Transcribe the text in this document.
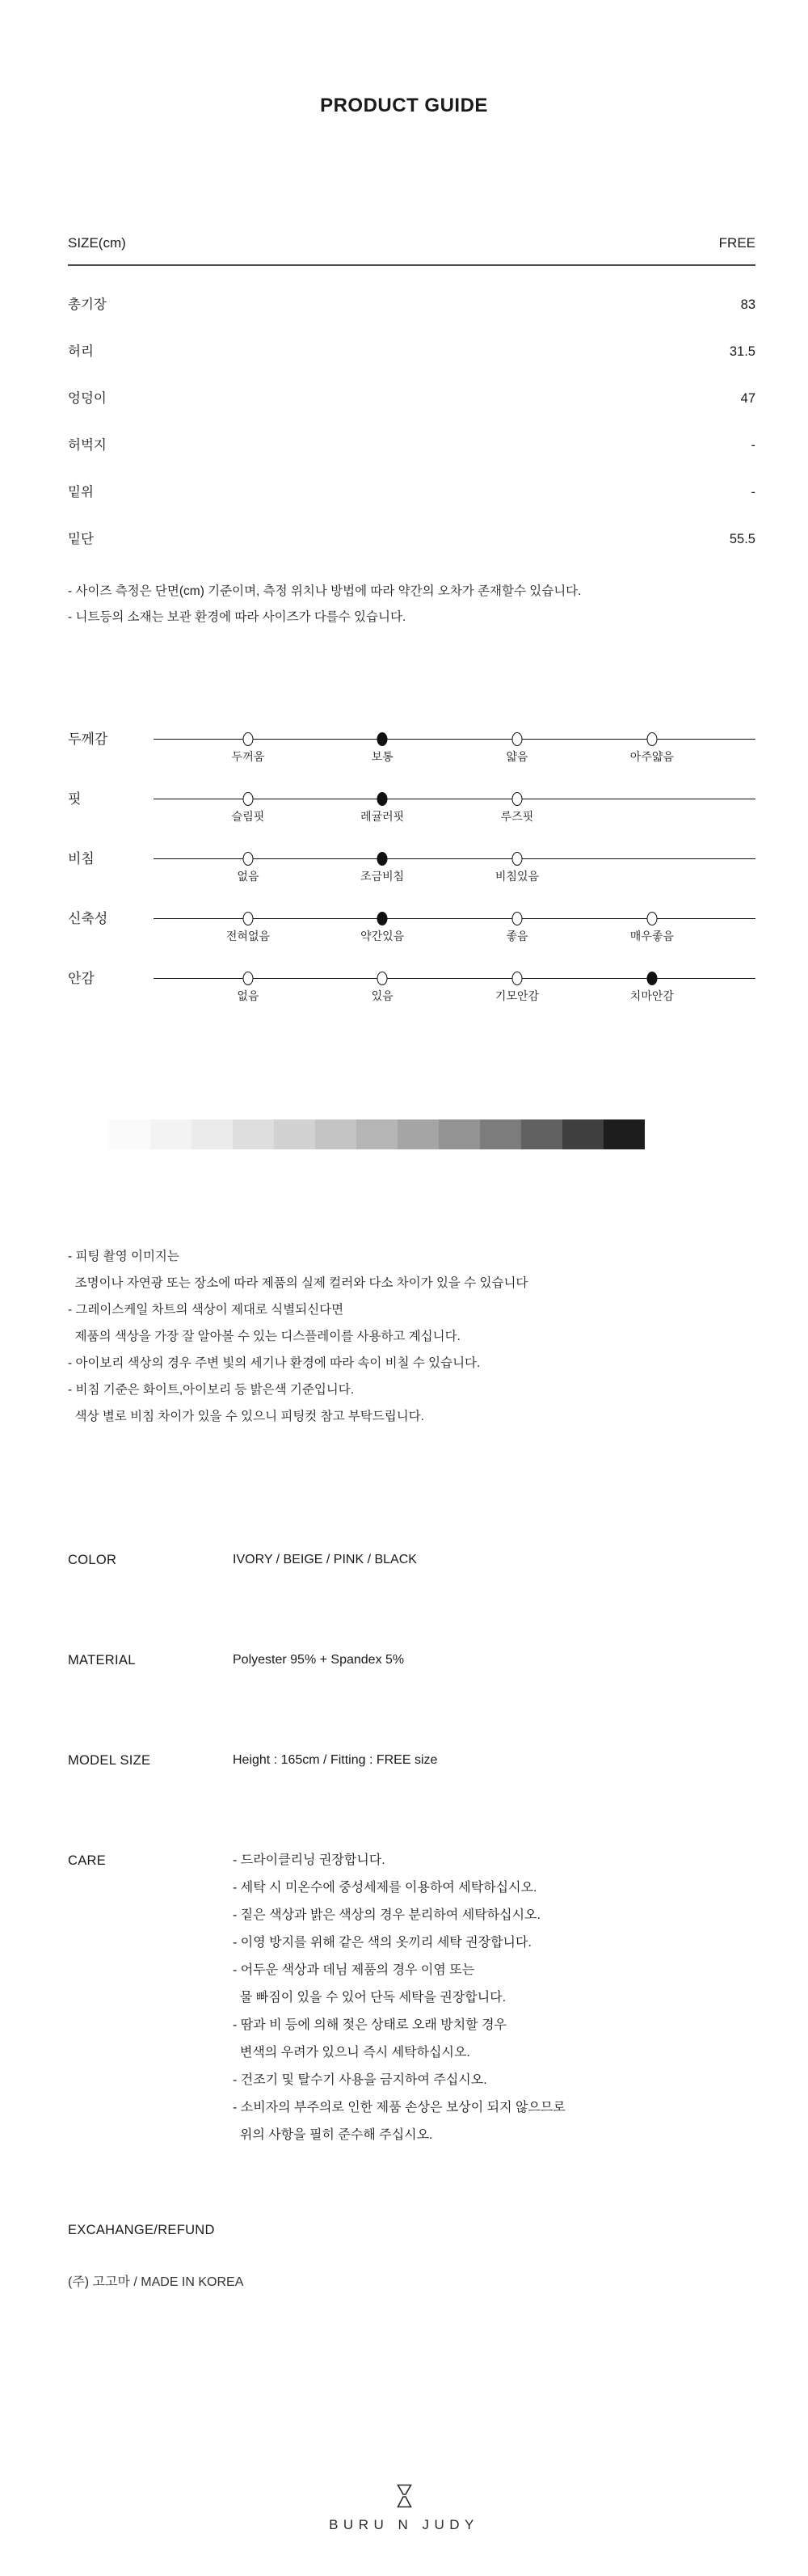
PRODUCT GUIDE
SIZE(cm)	FREE
총기장	83
허리	31.5
엉덩이	47
허벅지	-
밑위	-
밑단	55.5
- 사이즈 측정은 단면(cm) 기준이며, 측정 위치나 방법에 따라 약간의 오차가 존재할수 있습니다.
- 니트등의 소재는 보관 환경에 따라 사이즈가 다를수 있습니다.
두께감
두꺼움	보통	얇음	아주얇음
핏
슬림핏	레귤러핏	루즈핏
비침
없음	조금비침	비침있음
신축성
전혀없음	약간있음	좋음	매우좋음
안감
없음	있음	기모안감	치마안감
- 피팅 촬영 이미지는
조명이나 자연광 또는 장소에 따라 제품의 실제 컬러와 다소 차이가 있을 수 있습니다
- 그레이스케일 차트의 색상이 제대로 식별되신다면
제품의 색상을 가장 잘 알아볼 수 있는 디스플레이를 사용하고 계십니다.
- 아이보리 색상의 경우 주변 빛의 세기나 환경에 따라 속이 비칠 수 있습니다.
- 비침 기준은 화이트,아이보리 등 밝은색 기준입니다.
색상 별로 비침 차이가 있을 수 있으니 피팅컷 참고 부탁드립니다.
COLOR	IVORY / BEIGE / PINK / BLACK
MATERIAL	Polyester 95% + Spandex 5%
MODEL SIZE	Height : 165cm / Fitting : FREE size
CARE	- 드라이클리닝 권장합니다.
- 세탁 시 미온수에 중성세제를 이용하여 세탁하십시오.
- 짙은 색상과 밝은 색상의 경우 분리하여 세탁하십시오.
- 이영 방지를 위해 같은 색의 옷끼리 세탁 권장합니다.
- 어두운 색상과 데님 제품의 경우 이염 또는
물 빠짐이 있을 수 있어 단독 세탁을 권장합니다.
- 땀과 비 등에 의해 젖은 상태로 오래 방치할 경우
변색의 우려가 있으니 즉시 세탁하십시오.
- 건조기 및 탈수기 사용을 금지하여 주십시오.
- 소비자의 부주의로 인한 제품 손상은 보상이 되지 않으므로
위의 사항을 필히 준수해 주십시오.
EXCAHANGE/REFUND
(주) 고고마 / MADE IN KOREA
BURU N JUDY
